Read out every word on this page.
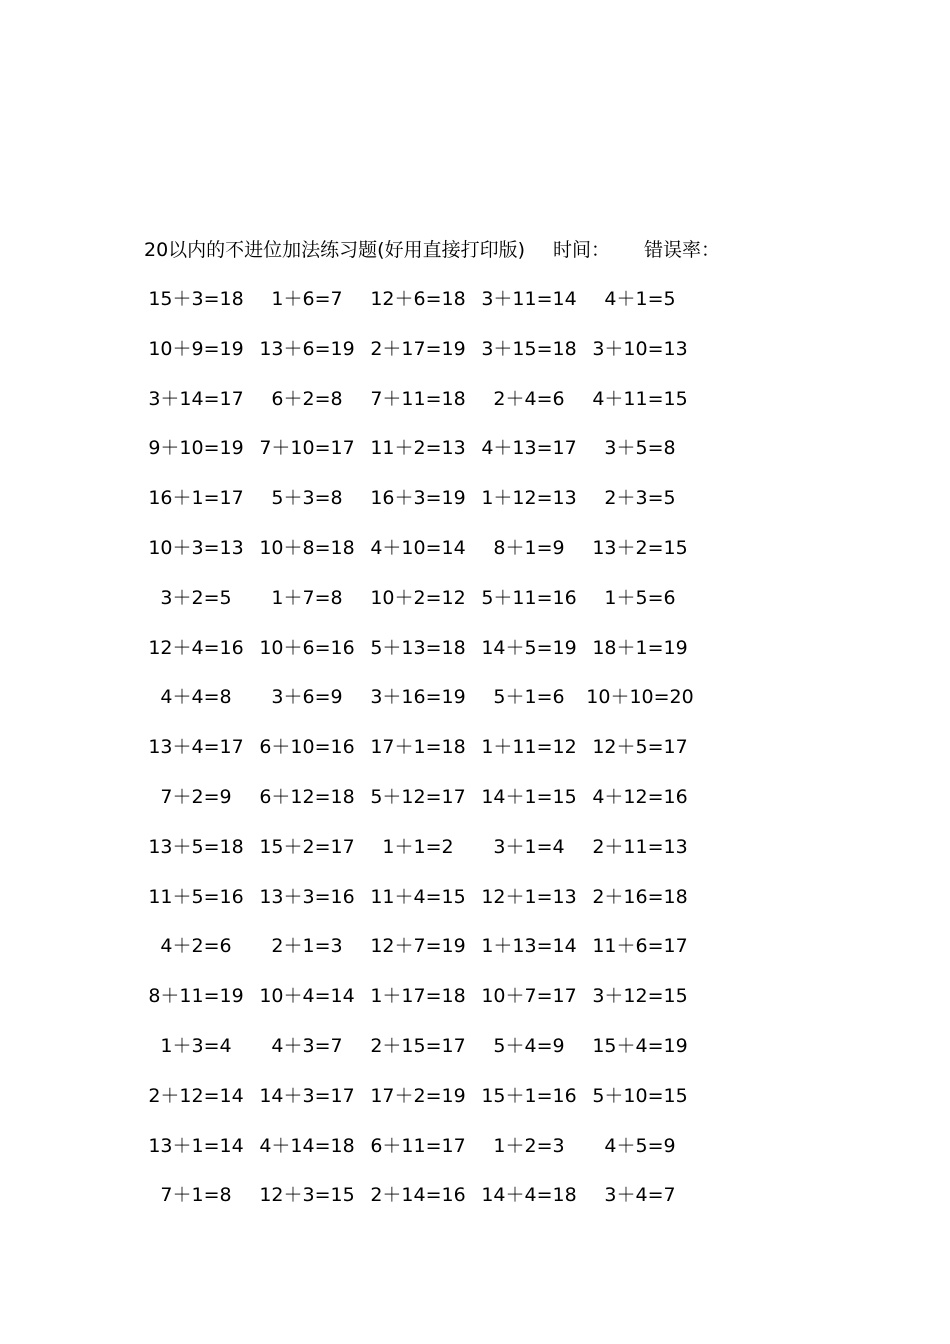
20以内的不进位加法练习题(好用直接打印版) 时间： 错误率：
15＋3=18	1＋6=7	12＋6=18 3＋11=14	4＋1=5
10＋9=19 13＋6=19 2＋17=19 3＋15=18 3＋10=13
3＋14=17	6＋2=8	7＋11=18	2＋4=6	4＋11=15
9＋10=19 7＋10=17 11＋2=13 4＋13=17	3＋5=8
16＋1=17	5＋3=8	16＋3=19 1＋12=13	2＋3=5
10＋3=13 10＋8=18 4＋10=14	8＋1=9	13＋2=15
3＋2=5	1＋7=8	10＋2=12 5＋11=16	1＋5=6
12＋4=16 10＋6=16 5＋13=18 14＋5=19 18＋1=19
4＋4=8	3＋6=9	3＋16=19	5＋1=6	10＋10=20
13＋4=17 6＋10=16 17＋1=18 1＋11=12 12＋5=17
7＋2=9	6＋12=18 5＋12=17 14＋1=15 4＋12=16
13＋5=18 15＋2=17	1＋1=2	3＋1=4	2＋11=13
11＋5=16 13＋3=16 11＋4=15 12＋1=13 2＋16=18
4＋2=6	2＋1=3	12＋7=19 1＋13=14 11＋6=17
8＋11=19 10＋4=14 1＋17=18 10＋7=17 3＋12=15
1＋3=4	4＋3=7	2＋15=17	5＋4=9	15＋4=19
2＋12=14 14＋3=17 17＋2=19 15＋1=16 5＋10=15
13＋1=14 4＋14=18 6＋11=17	1＋2=3	4＋5=9
7＋1=8	12＋3=15 2＋14=16 14＋4=18	3＋4=7
